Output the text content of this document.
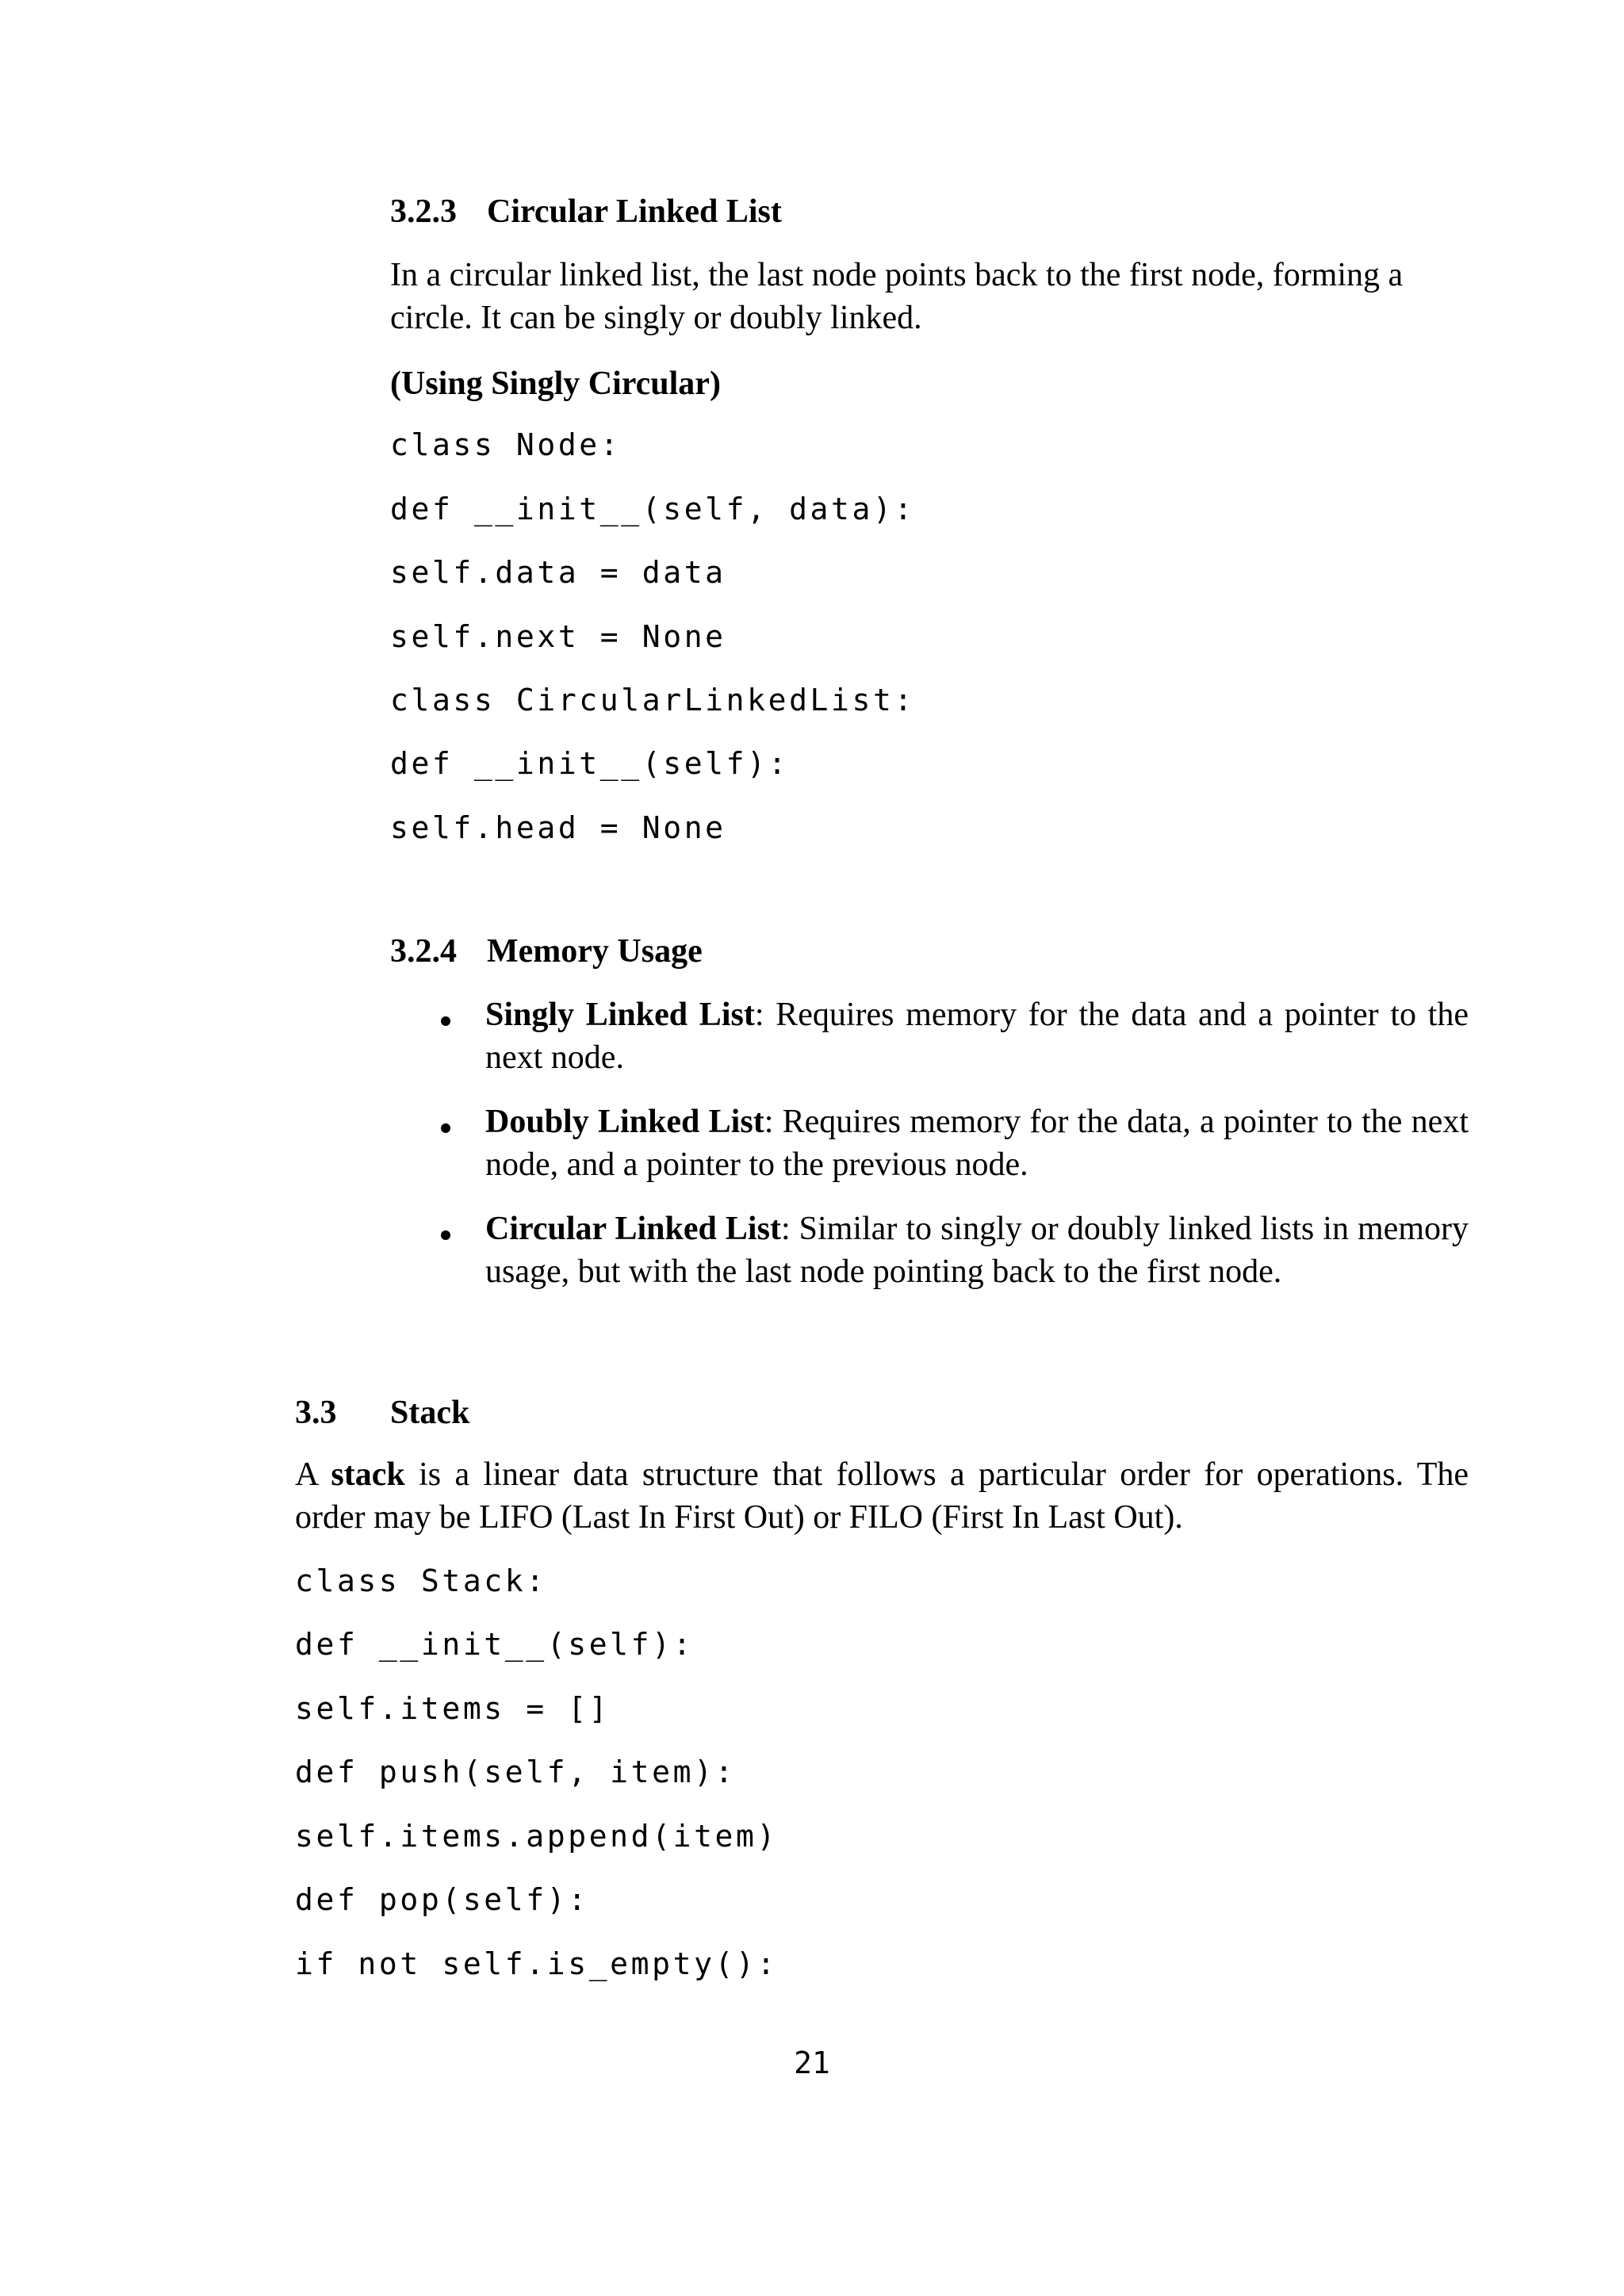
3.2.3 Circular Linked List

In a circular linked list, the last node points back to the first node, forming a circle. It can be singly or doubly linked.

(Using Singly Circular)
class Node:
def __init__(self, data):
self.data = data
self.next = None
class CircularLinkedList:
def __init__(self):
self.head = None
3.2.4 Memory Usage

Singly Linked List: Requires memory for the data and a pointer to the next node.

Doubly Linked List: Requires memory for the data, a pointer to the next node, and a pointer to the previous node.

Circular Linked List: Similar to singly or doubly linked lists in memory usage, but with the last node pointing back to the first node.

3.3 Stack

A stack is a linear data structure that follows a particular order for operations. The order may be LIFO (Last In First Out) or FILO (First In Last Out).

class Stack:
def __init__(self):
self.items = []
def push(self, item):
self.items.append(item)
def pop(self):
if not self.is_empty():
21
